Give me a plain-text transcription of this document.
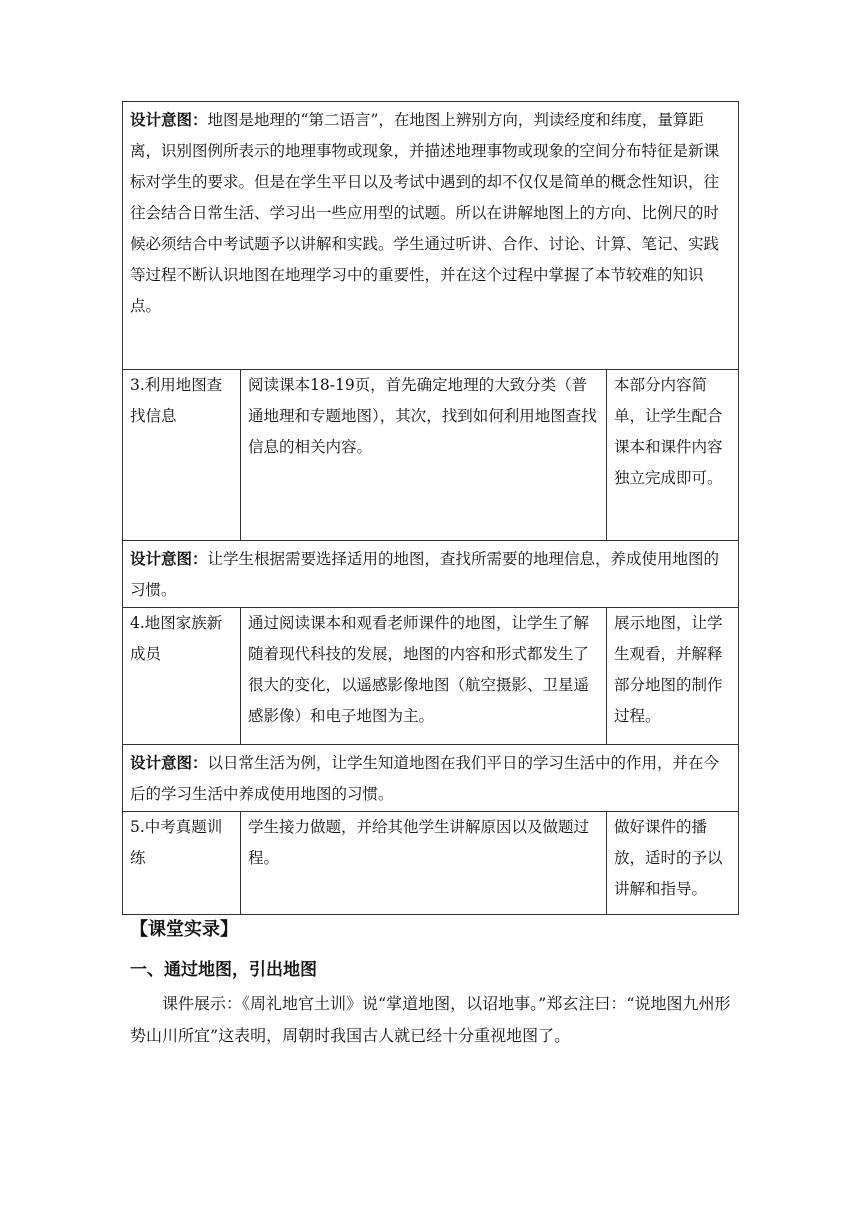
设计意图：地图是地理的“第二语言”，在地图上辨别方向，判读经度和纬度，量算距离，识别图例所表示的地理事物或现象，并描述地理事物或现象的空间分布特征是新课标对学生的要求。但是在学生平日以及考试中遇到的却不仅仅是简单的概念性知识，往往会结合日常生活、学习出一些应用型的试题。所以在讲解地图上的方向、比例尺的时候必须结合中考试题予以讲解和实践。学生通过听讲、合作、讨论、计算、笔记、实践等过程不断认识地图在地理学习中的重要性，并在这个过程中掌握了本节较难的知识点。		
3.利用地图查找信息	阅读课本18-19页，首先确定地理的大致分类（普通地理和专题地图），其次，找到如何利用地图查找信息的相关内容。	本部分内容简单，让学生配合课本和课件内容独立完成即可。
设计意图：让学生根据需要选择适用的地图，查找所需要的地理信息，养成使用地图的习惯。		
4.地图家族新成员	通过阅读课本和观看老师课件的地图，让学生了解随着现代科技的发展，地图的内容和形式都发生了很大的变化，以遥感影像地图（航空摄影、卫星遥感影像）和电子地图为主。	展示地图，让学生观看，并解释部分地图的制作过程。
设计意图：以日常生活为例，让学生知道地图在我们平日的学习生活中的作用，并在今后的学习生活中养成使用地图的习惯。		
5.中考真题训练	学生接力做题，并给其他学生讲解原因以及做题过程。	做好课件的播放，适时的予以讲解和指导。
【课堂实录】
一、通过地图，引出地图

课件展示：《周礼地官土训》说“掌道地图，以诏地事。”郑玄注曰：“说地图九州形势山川所宜”这表明，周朝时我国古人就已经十分重视地图了。
